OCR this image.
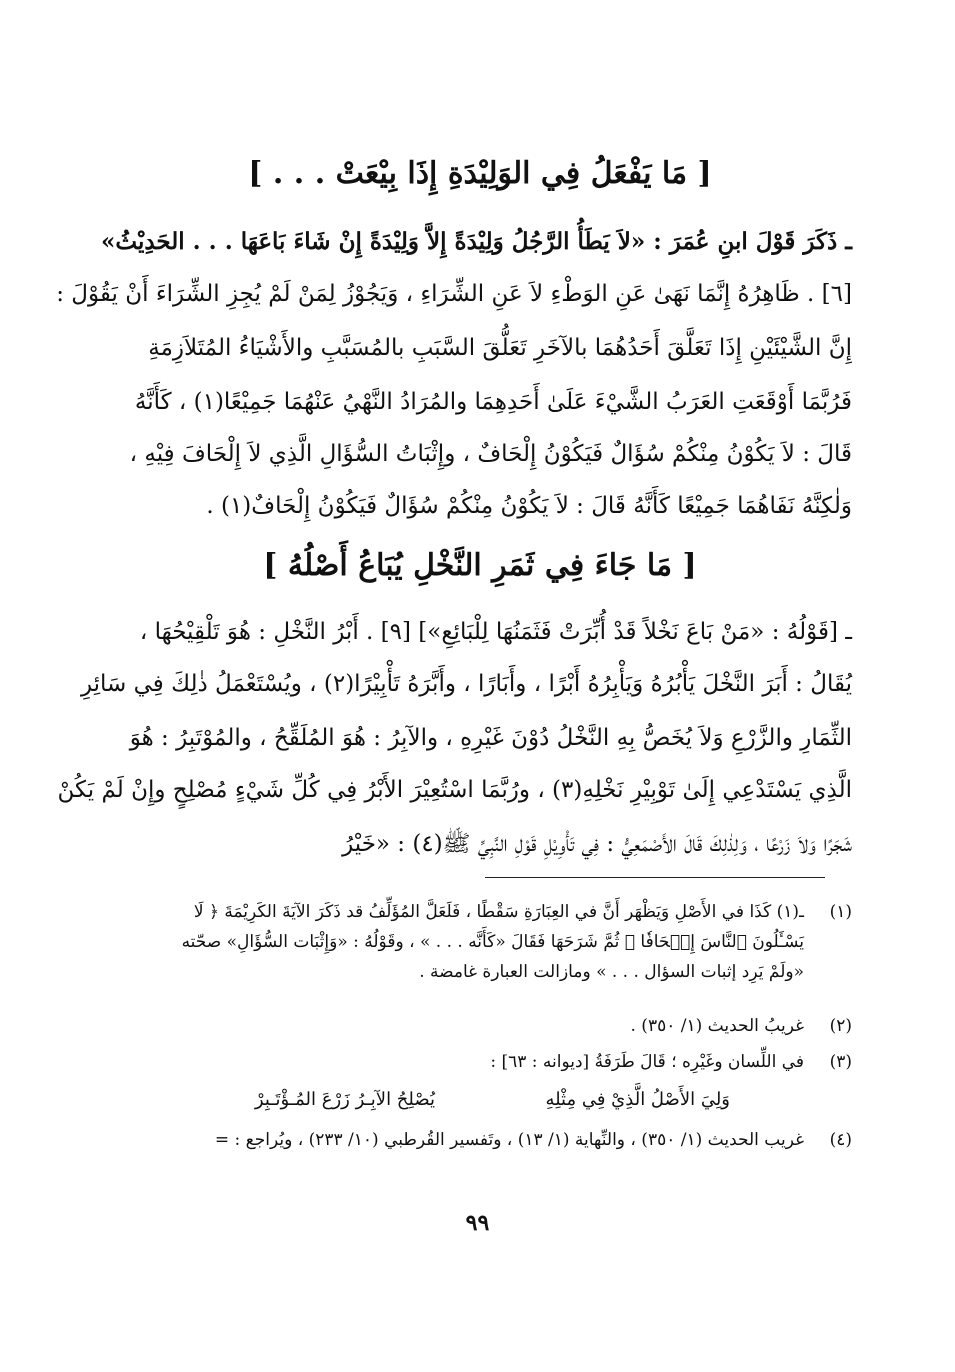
[ مَا يَفْعَلُ فِي الوَلِيْدَةِ إِذَا بِيْعَتْ . . . ]
ـ ذَكَرَ قَوْلَ ابنِ عُمَرَ : «لاَ يَطَأُ الرَّجُلُ وَلِيْدَةً إِلاَّ وَلِيْدَةً إِنْ شَاءَ بَاعَهَا . . . الحَدِيْثُ»
[٦] . ظَاهِرُهُ إِنَّمَا نَهَىٰ عَنِ الوَطْءِ لاَ عَنِ الشِّرَاءِ ، وَيَجُوْزُ لِمَنْ لَمْ يُجِزِ الشِّرَاءَ أَنْ يَقُوْلَ :
إِنَّ الشَّيْئَيْنِ إِذَا تَعَلَّقَ أَحَدُهُمَا بالآخَرِ تَعَلُّقَ السَّبَبِ بالمُسَبَّبِ والأَشْيَاءُ المُتَلاَزِمَةِ
فَرُبَّمَا أَوْقَعَتِ العَرَبُ الشَّيْءَ عَلَىٰ أَحَدِهِمَا والمُرَادُ النَّهْيُ عَنْهُمَا جَمِيْعًا(١) ، كَأَنَّهُ
قَالَ : لاَ يَكُوْنُ مِنْكُمْ سُؤَالٌ فَيَكُوْنُ إِلْحَافٌ ، وإِثْبَاتُ السُّؤَالِ الَّذِي لاَ إِلْحَافَ فِيْهِ ،
وَلٰكِنَّهُ نَفَاهُمَا جَمِيْعًا كَأَنَّهُ قَالَ : لاَ يَكُوْنُ مِنْكُمْ سُؤَالٌ فَيَكُوْنُ إِلْحَافٌ(١) .
[ مَا جَاءَ فِي ثَمَرِ النَّخْلِ يُبَاعُ أَصْلُهُ ]
ـ [قَوْلُهُ : «مَنْ بَاعَ نَخْلاً قَدْ أُبِّرَتْ فَثَمَنُهَا لِلْبَائِعِ»] [٩] . أَبْرُ النَّخْلِ : هُوَ تَلْقِيْحُهَا ،
يُقَالُ : أَبَرَ النَّخْلَ يَأْبُرُهُ وَيَأْبِرُهُ أَبْرًا ، وأَبَارًا ، وأَبَّرَهُ تَأْبِيْرًا(٢) ، ويُسْتَعْمَلُ ذٰلِكَ فِي سَائِرِ
الثِّمَارِ والزَّرْعِ وَلاَ يُخَصُّ بِهِ النَّخْلُ دُوْنَ غَيْرِهِ ، والآبِرُ : هُوَ المُلَقِّحُ ، والمُوْتَبِرُ : هُوَ
الَّذِي يَسْتَدْعِي إِلَىٰ تَوْبِيْرِ نَخْلِهِ(٣) ، ورُبَّمَا اسْتُعِيْرَ الأَبْرُ فِي كُلِّ شَيْءٍ مُصْلِحٍ وإِنْ لَمْ يَكُنْ
شَجَرًا وَلاَ زَرْعًا ، وَلِذٰلِكَ قَالَ الأَصْمَعِيُّ : فِي تَأْوِيْلِ قَوْلِ النَّبِيِّ ﷺ(٤) : «خَيْرُ
(١)ـ(١) كَذَا في الأَصْلِ وَيَظْهَر أَنَّ في العِبَارَةِ سَقْطًا ، فَلَعَلَّ المُؤَلِّفُ قد ذَكَرَ الآيَةَ الكَرِيْمَةَ ﴿ لَا
يَسْـَٔلُونَ ٱلنَّاسَ إِلۡحَافٗا ﴾ ثُمَّ شَرَحَهَا فَقَالَ «كَأَنَّه . . . » ، وقَوْلُهُ : «وَإِثْبَات السُّؤَالِ» صحّته
«ولَمْ يَرِد إثبات السؤال . . . » ومازالت العبارة غامضة .
(٢)غريبُ الحديث (١/ ٣٥٠) .
(٣)في اللِّسان وغَيْرِه ؛ قَالَ طَرَفَةُ [ديوانه : ٦٣] :
وَلِيَ الأَصْلُ الَّذِيْ فِي مِثْلِهِ
يُصْلِحُ الآبِـرُ زَرْعَ المُـؤْتَـبِرْ
(٤)غريب الحديث (١/ ٣٥٠) ، والنِّهاية (١/ ١٣) ، وتَفسير القُرطبي (١٠/ ٢٣٣) ، ويُراجع : =
٩٩
